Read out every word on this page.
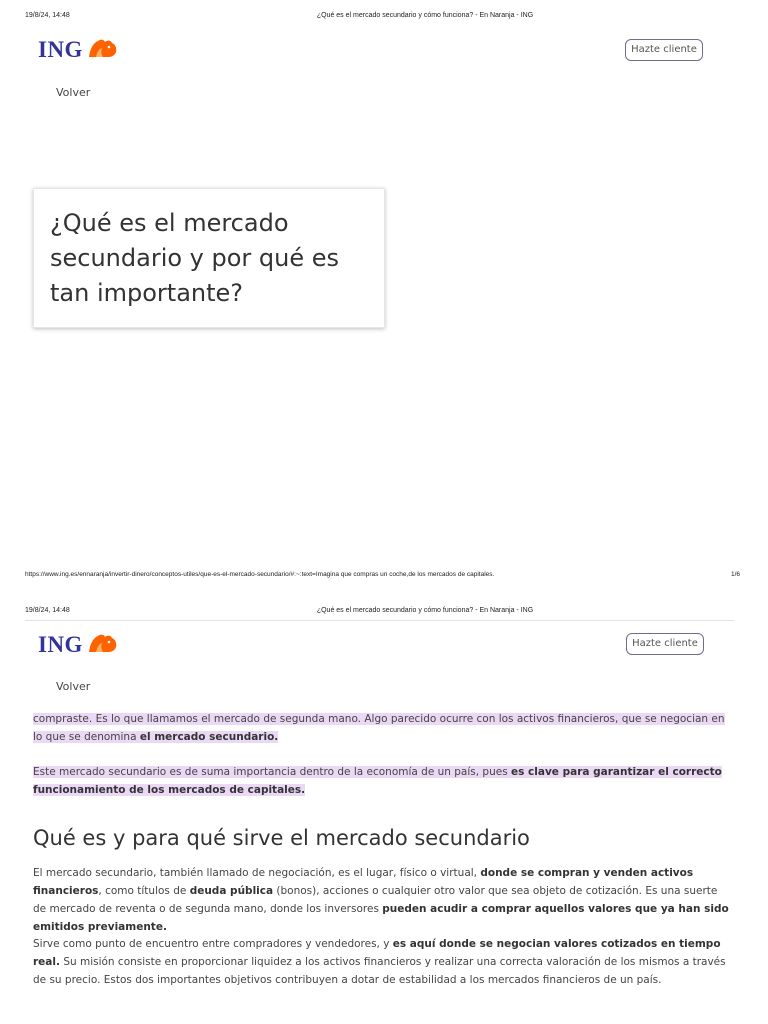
19/8/24, 14:48	¿Qué es el mercado secundario y cómo funciona? - En Naranja - ING
ING	Hazte cliente
Volver
¿Qué es el mercado secundario y por qué es tan importante?
https://www.ing.es/ennaranja/invertir-dinero/conceptos-utiles/que-es-el-mercado-secundario/#:~:text=Imagina que compras un coche,de los mercados de capitales.	1/6
19/8/24, 14:48	¿Qué es el mercado secundario y cómo funciona? - En Naranja - ING
ING	Hazte cliente
Volver
compraste. Es lo que llamamos el mercado de segunda mano. Algo parecido ocurre con los activos financieros, que se negocian en lo que se denomina el mercado secundario.
Este mercado secundario es de suma importancia dentro de la economía de un país, pues es clave para garantizar el correcto funcionamiento de los mercados de capitales.
Qué es y para qué sirve el mercado secundario
El mercado secundario, también llamado de negociación, es el lugar, físico o virtual, donde se compran y venden activos financieros, como títulos de deuda pública (bonos), acciones o cualquier otro valor que sea objeto de cotización. Es una suerte de mercado de reventa o de segunda mano, donde los inversores pueden acudir a comprar aquellos valores que ya han sido emitidos previamente.
Sirve como punto de encuentro entre compradores y vendedores, y es aquí donde se negocian valores cotizados en tiempo real. Su misión consiste en proporcionar liquidez a los activos financieros y realizar una correcta valoración de los mismos a través de su precio. Estos dos importantes objetivos contribuyen a dotar de estabilidad a los mercados financieros de un país.
